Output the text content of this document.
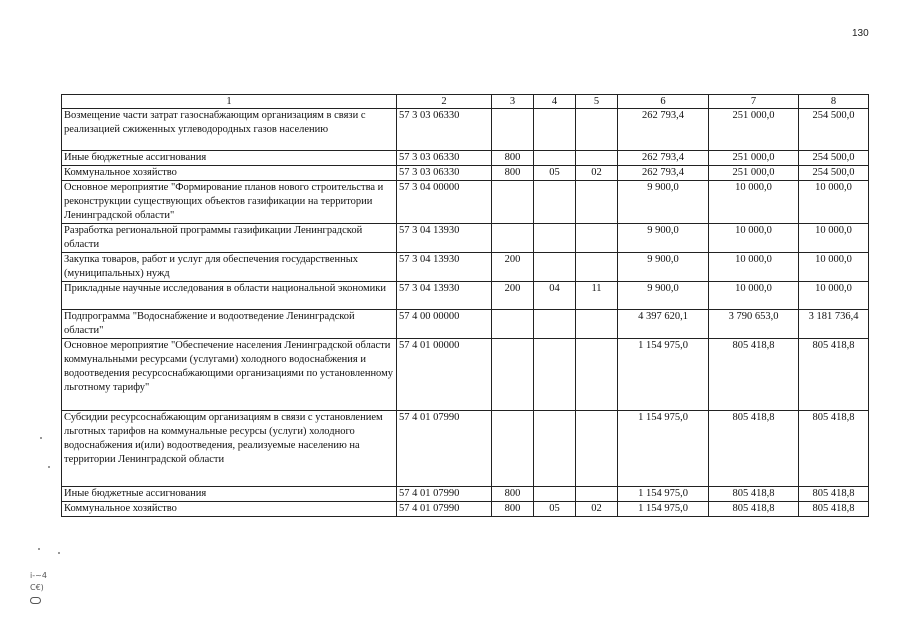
130
1	2	3	4	5	6	7	8
Возмещение части затрат газоснабжающим организациям в связи с реализацией сжиженных углеводородных газов населению	57 3 03 06330				262 793,4	251 000,0	254 500,0
Иные бюджетные ассигнования	57 3 03 06330	800			262 793,4	251 000,0	254 500,0
Коммунальное хозяйство	57 3 03 06330	800	05	02	262 793,4	251 000,0	254 500,0
Основное мероприятие "Формирование планов нового строительства и реконструкции существующих объектов газификации на территории Ленинградской области"	57 3 04 00000				9 900,0	10 000,0	10 000,0
Разработка региональной программы газификации Ленинградской области	57 3 04 13930				9 900,0	10 000,0	10 000,0
Закупка товаров, работ и услуг для обеспечения государственных (муниципальных) нужд	57 3 04 13930	200			9 900,0	10 000,0	10 000,0
Прикладные научные исследования в области национальной экономики	57 3 04 13930	200	04	11	9 900,0	10 000,0	10 000,0
Подпрограмма "Водоснабжение и водоотведение Ленинградской области"	57 4 00 00000				4 397 620,1	3 790 653,0	3 181 736,4
Основное мероприятие "Обеспечение населения Ленинградской области коммунальными ресурсами (услугами) холодного водоснабжения и водоотведения ресурсоснабжающими организациями по установленному льготному тарифу"	57 4 01 00000				1 154 975,0	805 418,8	805 418,8
Субсидии ресурсоснабжающим организациям в связи с установлением льготных тарифов на коммунальные ресурсы (услуги) холодного водоснабжения и(или) водоотведения, реализуемые населению на территории Ленинградской области	57 4 01 07990				1 154 975,0	805 418,8	805 418,8
Иные бюджетные ассигнования	57 4 01 07990	800			1 154 975,0	805 418,8	805 418,8
Коммунальное хозяйство	57 4 01 07990	800	05	02	1 154 975,0	805 418,8	805 418,8
i-~4
C€)
